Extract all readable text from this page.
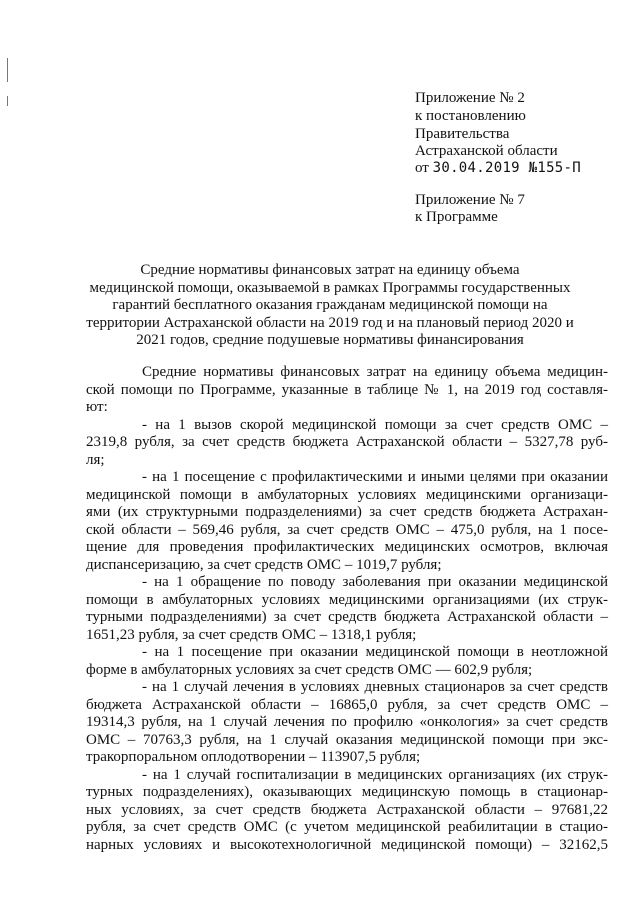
Приложение № 2
к постановлению
Правительства
Астраханской области
от 30.04.2019 №155-П
Приложение № 7
к Программе
Средние нормативы финансовых затрат на единицу объема
медицинской помощи, оказываемой в рамках Программы государственных
гарантий бесплатного оказания гражданам медицинской помощи на
территории Астраханской области на 2019 год и на плановый период 2020 и
2021 годов, средние подушевые нормативы финансирования
Средние нормативы финансовых затрат на единицу объема медицин-
ской помощи по Программе, указанные в таблице № 1, на 2019 год составля-
ют:
- на 1 вызов скорой медицинской помощи за счет средств ОМС –
2319,8 рубля, за счет средств бюджета Астраханской области – 5327,78 руб-
ля;
- на 1 посещение с профилактическими и иными целями при оказании
медицинской помощи в амбулаторных условиях медицинскими организаци-
ями (их структурными подразделениями) за счет средств бюджета Астрахан-
ской области – 569,46 рубля, за счет средств ОМС – 475,0 рубля, на 1 посе-
щение для проведения профилактических медицинских осмотров, включая
диспансеризацию, за счет средств ОМС – 1019,7 рубля;
- на 1 обращение по поводу заболевания при оказании медицинской
помощи в амбулаторных условиях медицинскими организациями (их струк-
турными подразделениями) за счет средств бюджета Астраханской области –
1651,23 рубля, за счет средств ОМС – 1318,1 рубля;
- на 1 посещение при оказании медицинской помощи в неотложной
форме в амбулаторных условиях за счет средств ОМС — 602,9 рубля;
- на 1 случай лечения в условиях дневных стационаров за счет средств
бюджета Астраханской области – 16865,0 рубля, за счет средств ОМС –
19314,3 рубля, на 1 случай лечения по профилю «онкология» за счет средств
ОМС – 70763,3 рубля, на 1 случай оказания медицинской помощи при экс-
тракорпоральном оплодотворении – 113907,5 рубля;
- на 1 случай госпитализации в медицинских организациях (их струк-
турных подразделениях), оказывающих медицинскую помощь в стационар-
ных условиях, за счет средств бюджета Астраханской области – 97681,22
рубля, за счет средств ОМС (с учетом медицинской реабилитации в стацио-
нарных условиях и высокотехнологичной медицинской помощи) – 32162,5
